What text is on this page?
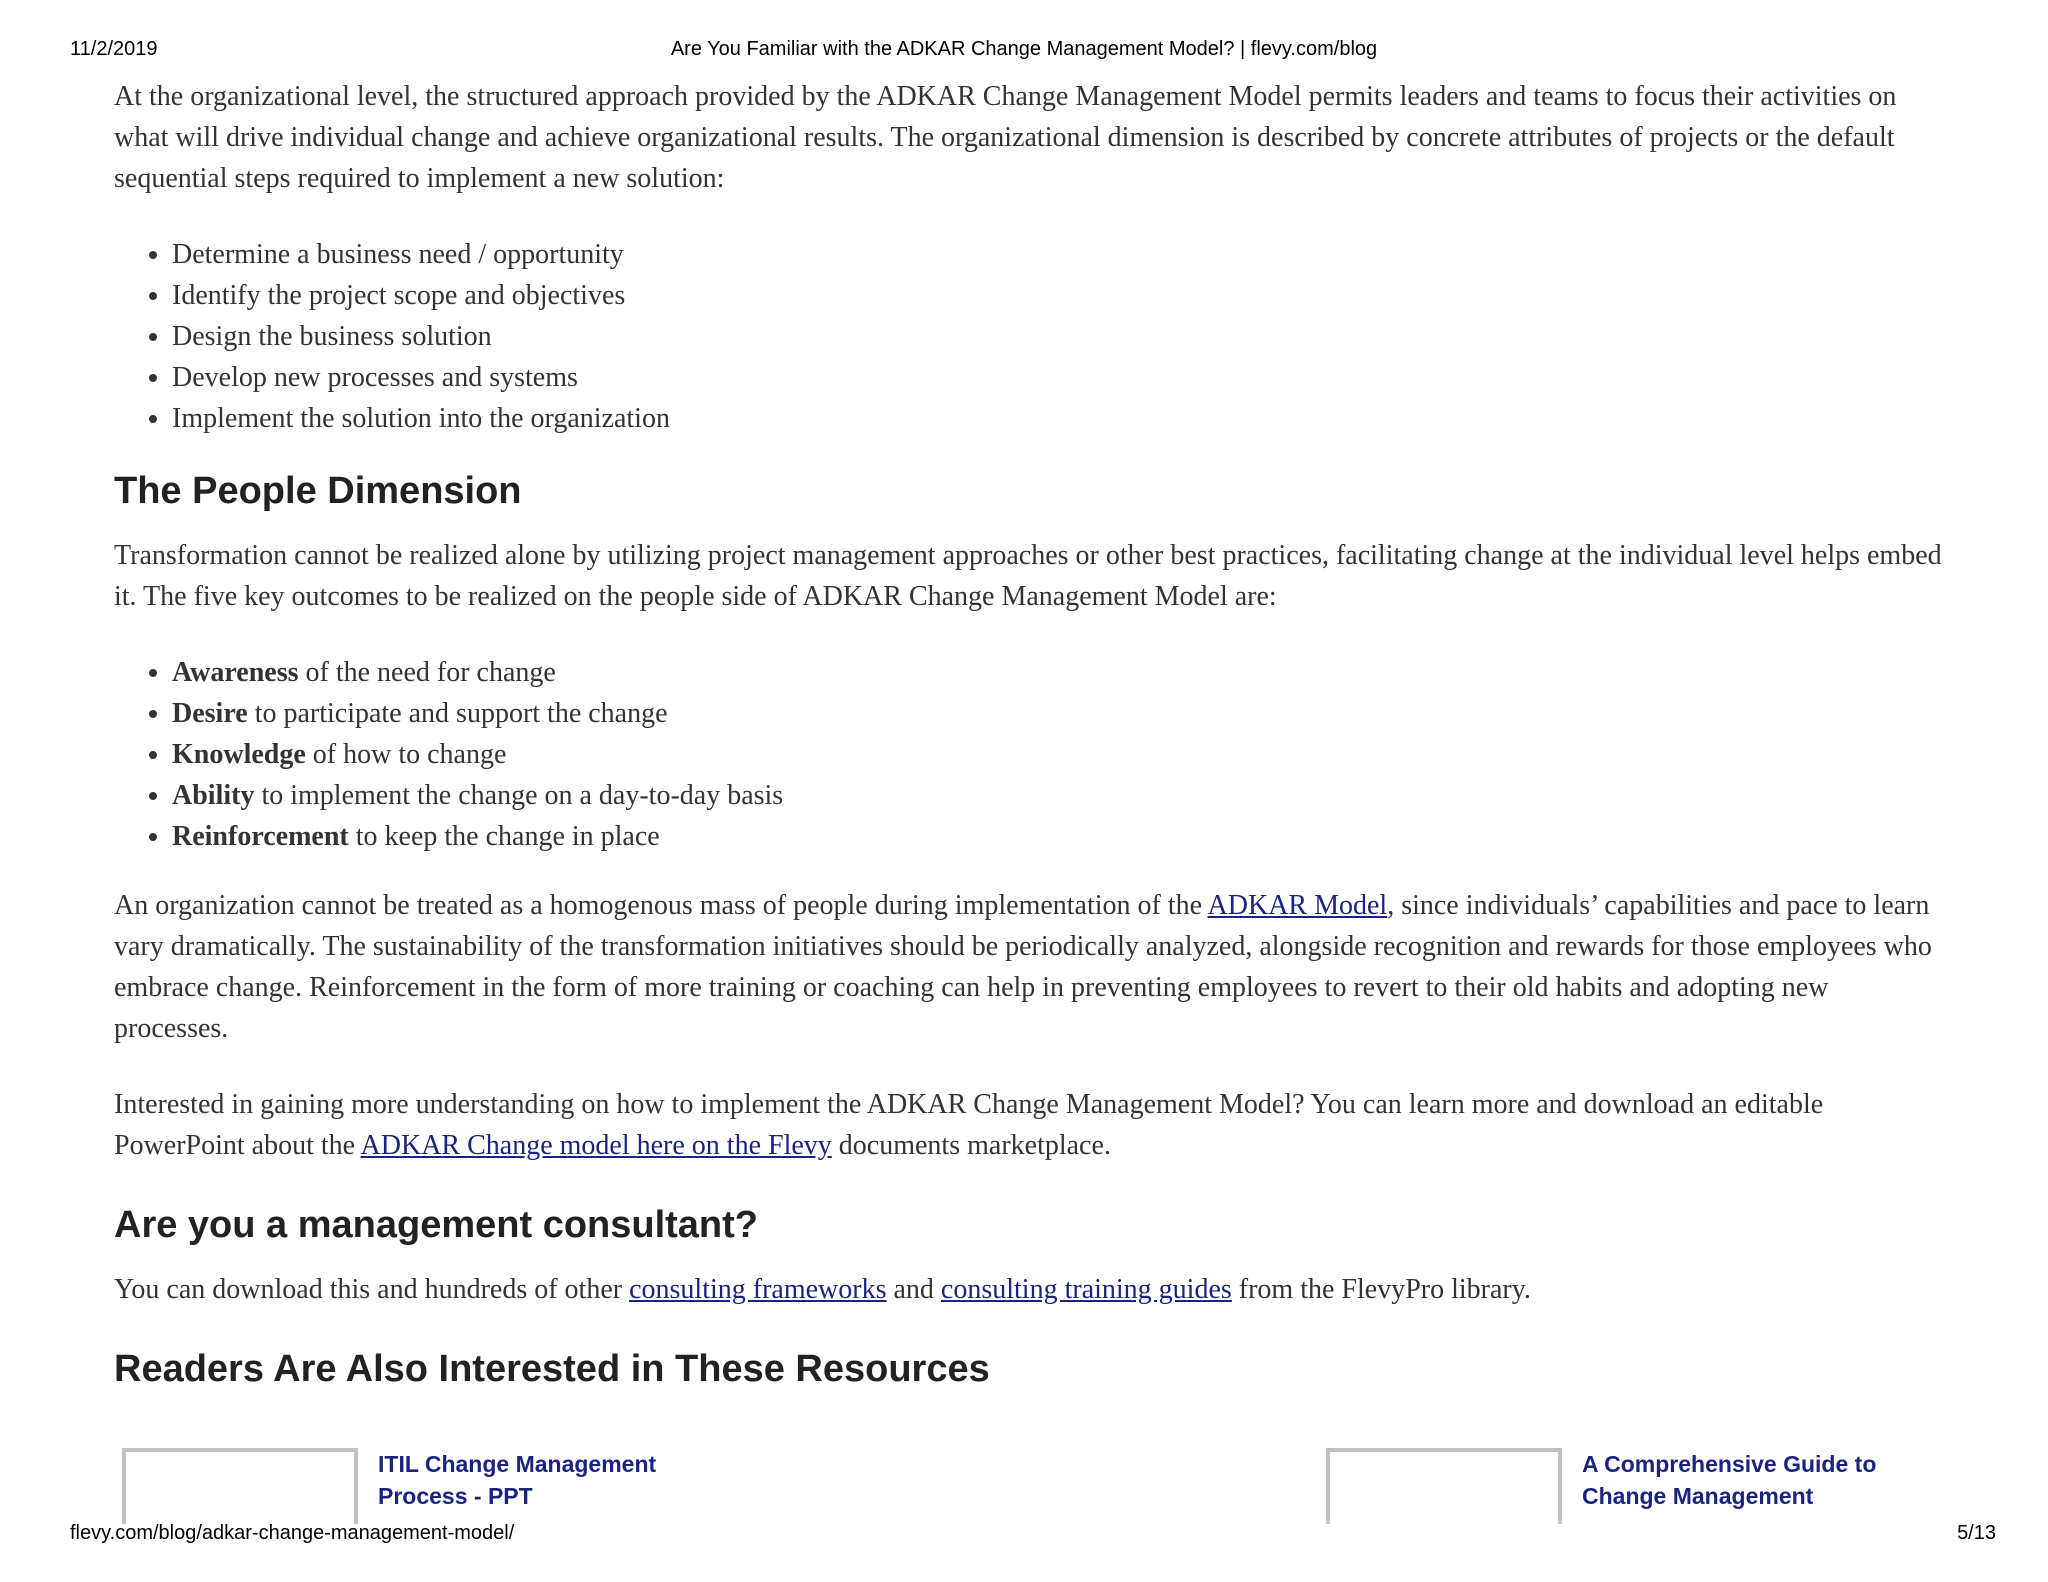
11/2/2019	Are You Familiar with the ADKAR Change Management Model? | flevy.com/blog

At the organizational level, the structured approach provided by the ADKAR Change Management Model permits leaders and teams to focus their activities on what will drive individual change and achieve organizational results. The organizational dimension is described by concrete attributes of projects or the default sequential steps required to implement a new solution:

• Determine a business need / opportunity
• Identify the project scope and objectives
• Design the business solution
• Develop new processes and systems
• Implement the solution into the organization
The People Dimension

Transformation cannot be realized alone by utilizing project management approaches or other best practices, facilitating change at the individual level helps embed it. The five key outcomes to be realized on the people side of ADKAR Change Management Model are:

• Awareness of the need for change
• Desire to participate and support the change
• Knowledge of how to change
• Ability to implement the change on a day-to-day basis
• Reinforcement to keep the change in place

An organization cannot be treated as a homogenous mass of people during implementation of the ADKAR Model, since individuals’ capabilities and pace to learn vary dramatically. The sustainability of the transformation initiatives should be periodically analyzed, alongside recognition and rewards for those employees who embrace change. Reinforcement in the form of more training or coaching can help in preventing employees to revert to their old habits and adopting new processes.

Interested in gaining more understanding on how to implement the ADKAR Change Management Model? You can learn more and download an editable PowerPoint about the ADKAR Change model here on the Flevy documents marketplace.

Are you a management consultant?

You can download this and hundreds of other consulting frameworks and consulting training guides from the FlevyPro library.

Readers Are Also Interested in These Resources
ITIL Change Management Process - PPT
A Comprehensive Guide to Change Management
flevy.com/blog/adkar-change-management-model/	5/13
